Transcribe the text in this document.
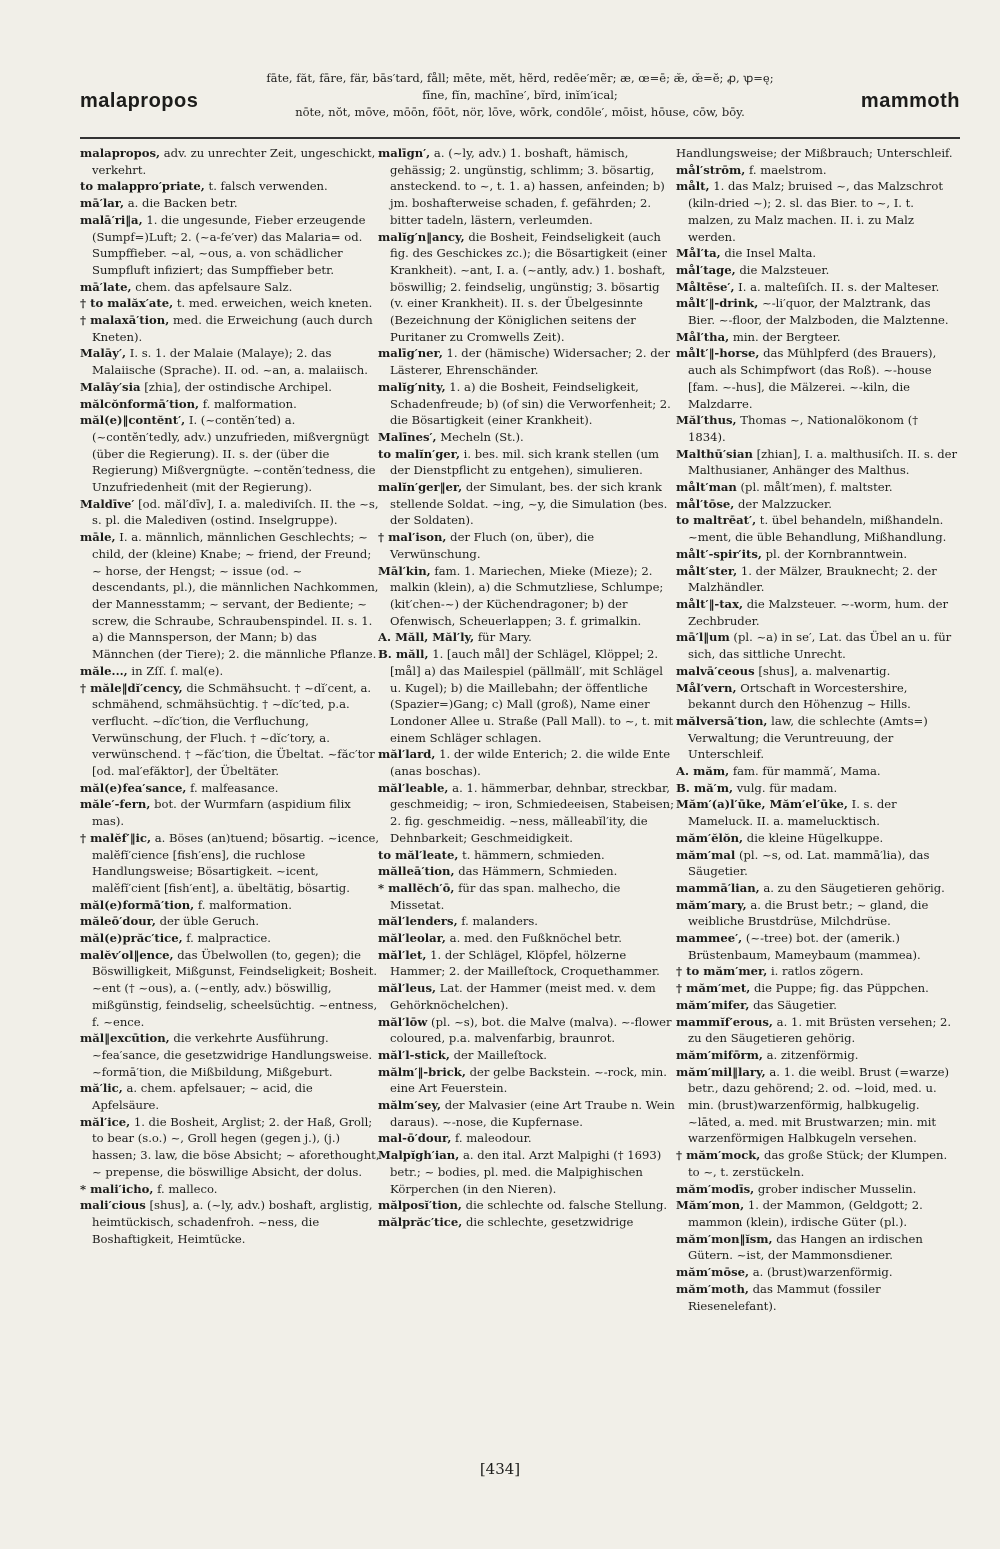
malapropos
fāte, făt, fāre, fär, bās′tard, fåll; mēte, mĕt, hẽrd, redēe′mẽr; æ, œ=ē; æ̆, œ̆=ĕ; ꝓ, ꝕ=ę;
fīne, fĭn, machīne′, bĩrd, inĭm′ical;
nōte, nŏt, mōve, mōōn, fōōt, nör, lōve, wōrk, condōle′, mōist, hōuse, cōw, bōy.	mammoth

malapropos, adv. zu unrechter Zeit, ungeschickt, verkehrt.

to malappro′priate, t. falsch verwenden.

mā′lar, a. die Backen betr.

malā′ri‖a, 1. die ungesunde, Fieber erzeugende (Sumpf=)Luft; 2. (~a-fe′ver) das Malaria= od. Sumpffieber. ~al, ~ous, a. von schädlicher Sumpfluft infiziert; das Sumpffieber betr.

mā′late, chem. das apfelsaure Salz.

† to malăx′ate, t. med. erweichen, weich kneten.

† malaxā′tion, med. die Erweichung (auch durch Kneten).

Malāy′, I. s. 1. der Malaie (Malaye); 2. das Malaiische (Sprache). II. od. ~an, a. malaiisch.

Malāy′sia [zhia], der ostindische Archipel.

mălcŏnformā′tion, f. malformation.

măl(e)‖contĕnt′, I. (~contĕn′ted) a. (~contĕn′tedly, adv.) unzufrieden, mißvergnügt (über die Regierung). II. s. der (über die Regierung) Mißvergnügte. ~contĕn′tedness, die Unzufriedenheit (mit der Regierung).

Maldīve′ [od. măl′dīv], I. a. malediviſch. II. the ~s, s. pl. die Malediven (ostind. Inselgruppe).

māle, I. a. männlich, männlichen Geschlechts; ~ child, der (kleine) Knabe; ~ friend, der Freund; ~ horse, der Hengst; ~ issue (od. ~ descendants, pl.), die männlichen Nachkommen, der Mannesstamm; ~ servant, der Bediente; ~ screw, die Schraube, Schraubenspindel. II. s. 1. a) die Mannsperson, der Mann; b) das Männchen (der Tiere); 2. die männliche Pflanze.

măle..., in Zſſ. ſ. mal(e).

† măle‖dĭ′cency, die Schmähsucht. † ~dĭ′cent, a. schmähend, schmähsüchtig. † ~dĭc′ted, p.a. verflucht. ~dĭc′tion, die Verfluchung, Verwünschung, der Fluch. † ~dĭc′tory, a. verwünschend. † ~făc′tion, die Übeltat. ~făc′tor [od. mal′efăktor], der Übeltäter.

măl(e)fea′sance, f. malfeasance.

măle′-fern, bot. der Wurmfarn (aspidium filix mas).

† malĕf′‖ic, a. Böses (an)tuend; bösartig. ~icence, malĕfĭ′cience [fish′ens], die ruchlose Handlungsweise; Bösartigkeit. ~icent, malĕfĭ′cient [fish′ent], a. übeltätig, bösartig.

măl(e)formā′tion, f. malformation.

măleō′dour, der üble Geruch.

măl(e)prăc′tice, f. malpractice.

malĕv′ol‖ence, das Übelwollen (to, gegen); die Böswilligkeit, Mißgunst, Feindseligkeit; Bosheit. ~ent († ~ous), a. (~ently, adv.) böswillig, mißgünstig, feindselig, scheelsüchtig. ~entness, f. ~ence.

măl‖excūtion, die verkehrte Ausführung. ~fea′sance, die gesetzwidrige Handlungsweise. ~formā′tion, die Mißbildung, Mißgeburt.

mă′lic, a. chem. apfelsauer; ~ acid, die Apfelsäure.

măl′ice, 1. die Bosheit, Arglist; 2. der Haß, Groll; to bear (s.o.) ~, Groll hegen (gegen j.), (j.) hassen; 3. law, die böse Absicht; ~ aforethought, ~ prepense, die böswillige Absicht, der dolus.

* mali′icho, f. malleco.

mali′cious [shus], a. (~ly, adv.) boshaft, arglistig, heimtückisch, schadenfroh. ~ness, die Boshaftigkeit, Heimtücke.

malīgn′, a. (~ly, adv.) 1. boshaft, hämisch, gehässig; 2. ungünstig, schlimm; 3. bösartig, ansteckend. to ~, t. 1. a) hassen, anfeinden; b) jm. boshafterweise schaden, f. gefährden; 2. bitter tadeln, lästern, verleumden.

malĭg′n‖ancy, die Bosheit, Feindseligkeit (auch fig. des Geschickes zc.); die Bösartigkeit (einer Krankheit). ~ant, I. a. (~antly, adv.) 1. boshaft, böswillig; 2. feindselig, ungünstig; 3. bösartig (v. einer Krankheit). II. s. der Übelgesinnte (Bezeichnung der Königlichen seitens der Puritaner zu Cromwells Zeit).

malīg′ner, 1. der (hämische) Widersacher; 2. der Lästerer, Ehrenschänder.

malĭg′nity, 1. a) die Bosheit, Feindseligkeit, Schadenfreude; b) (of sin) die Verworfenheit; 2. die Bösartigkeit (einer Krankheit).

Malīnes′, Mecheln (St.).

to malĭn′ger, i. bes. mil. sich krank stellen (um der Dienstpflicht zu entgehen), simulieren.

malĭn′ger‖er, der Simulant, bes. der sich krank stellende Soldat. ~ing, ~y, die Simulation (bes. der Soldaten).

† mal′ison, der Fluch (on, über), die Verwünschung.

Māl′kin, fam. 1. Mariechen, Mieke (Mieze); 2. malkin (klein), a) die Schmutzliese, Schlumpe; (kit′chen-~) der Küchendragoner; b) der Ofenwisch, Scheuerlappen; 3. f. grimalkin.

A. Măll, Măl′ly, für Mary.

B. măll, 1. [auch mål] der Schlägel, Klöppel; 2. [mål] a) das Mailespiel (pällmäll′, mit Schlägel u. Kugel); b) die Maillebahn; der öffentliche (Spazier=)Gang; c) Mall (groß), Name einer Londoner Allee u. Straße (Pall Mall). to ~, t. mit einem Schläger schlagen.

măl′lard, 1. der wilde Enterich; 2. die wilde Ente (anas boschas).

măl′leable, a. 1. hämmerbar, dehnbar, streckbar, geschmeidig; ~ iron, Schmiedeeisen, Stabeisen; 2. fig. geschmeidig. ~ness, mălleabĭl′ity, die Dehnbarkeit; Geschmeidigkeit.

to măl′leate, t. hämmern, schmieden.

mălleā′tion, das Hämmern, Schmieden.

* mallĕch′ō, für das span. malhecho, die Missetat.

măl′lenders, f. malanders.

măl′leolar, a. med. den Fußknöchel betr.

măl′let, 1. der Schlägel, Klöpfel, hölzerne Hammer; 2. der Mailleſtock, Croquethammer.

măl′leus, Lat. der Hammer (meist med. v. dem Gehörknöchelchen).

măl′lōw (pl. ~s), bot. die Malve (malva). ~-flower coloured, p.a. malvenfarbig, braunrot.

măl′l-stick, der Mailleſtock.

mălm′‖-brick, der gelbe Backstein. ~-rock, min. eine Art Feuerstein.

mălm′sey, der Malvasier (eine Art Traube n. Wein daraus). ~-nose, die Kupfernase.

mal-ō′dour, f. maleodour.

Malpĭgh′ian, a. den ital. Arzt Malpighi († 1693) betr.; ~ bodies, pl. med. die Malpighischen Körperchen (in den Nieren).

mălposĭ′tion, die schlechte od. falsche Stellung.

mălprăc′tice, die schlechte, gesetzwidrige

Handlungsweise; der Mißbrauch; Unterschleif.

mål′strōm, f. maelstrom.

målt, 1. das Malz; bruised ~, das Malzschrot (kiln-dried ~); 2. sl. das Bier. to ~, I. t. malzen, zu Malz machen. II. i. zu Malz werden.

Mål′ta, die Insel Malta.

mål′tage, die Malzsteuer.

Måltēse′, I. a. malteſiſch. II. s. der Malteser.

målt′‖-drink, ~-li′quor, der Malztrank, das Bier. ~-floor, der Malzboden, die Malztenne.

Mål′tha, min. der Bergteer.

målt′‖-horse, das Mühlpferd (des Brauers), auch als Schimpfwort (das Roß). ~-house [fam. ~-hus], die Mälzerei. ~-kiln, die Malzdarre.

Măl′thus, Thomas ~, Nationalökonom († 1834).

Malthū′sian [zhian], I. a. malthusiſch. II. s. der Malthusianer, Anhänger des Malthus.

målt′man (pl. målt′men), f. maltster.

mål′tōse, der Malzzucker.

to maltrēat′, t. übel behandeln, mißhandeln. ~ment, die üble Behandlung, Mißhandlung.

målt′-spir′its, pl. der Kornbranntwein.

målt′ster, 1. der Mälzer, Brauknecht; 2. der Malzhändler.

målt′‖-tax, die Malzsteuer. ~-worm, hum. der Zechbruder.

mā′l‖um (pl. ~a) in se′, Lat. das Übel an u. für sich, das sittliche Unrecht.

malvā′ceous [shus], a. malvenartig.

Mål′vern, Ortschaft in Worcestershire, bekannt durch den Höhenzug ~ Hills.

mălversā′tion, law, die schlechte (Amts=) Verwaltung; die Veruntreuung, der Unterschleif.

A. măm, fam. für mammă′, Mama.

B. mă′m, vulg. für madam.

Măm′(a)l′ūke, Măm′el′ūke, I. s. der Mameluck. II. a. mamelucktisch.

măm′ĕlŏn, die kleine Hügelkuppe.

măm′mal (pl. ~s, od. Lat. mammā′lia), das Säugetier.

mammā′lian, a. zu den Säugetieren gehörig.

măm′mary, a. die Brust betr.; ~ gland, die weibliche Brustdrüse, Milchdrüse.

mammee′, (~-tree) bot. der (amerik.) Brüstenbaum, Mameybaum (mammea).

† to măm′mer, i. ratlos zögern.

† măm′met, die Puppe; fig. das Püppchen.

măm′mifer, das Säugetier.

mammĭf′erous, a. 1. mit Brüsten versehen; 2. zu den Säugetieren gehörig.

măm′mifōrm, a. zitzenförmig.

măm′mil‖lary, a. 1. die weibl. Brust (=warze) betr., dazu gehörend; 2. od. ~loid, med. u. min. (brust)warzenförmig, halbkugelig. ~lāted, a. med. mit Brustwarzen; min. mit warzenförmigen Halbkugeln versehen.

† măm′mock, das große Stück; der Klumpen. to ~, t. zerstückeln.

măm′modīs, grober indischer Musselin.

Măm′mon, 1. der Mammon, (Geldgott; 2. mammon (klein), irdische Güter (pl.).

măm′mon‖ĭsm, das Hangen an irdischen Gütern. ~ist, der Mammonsdiener.

măm′mōse, a. (brust)warzenförmig.

măm′moth, das Mammut (fossiler Riesenelefant).

[434]
